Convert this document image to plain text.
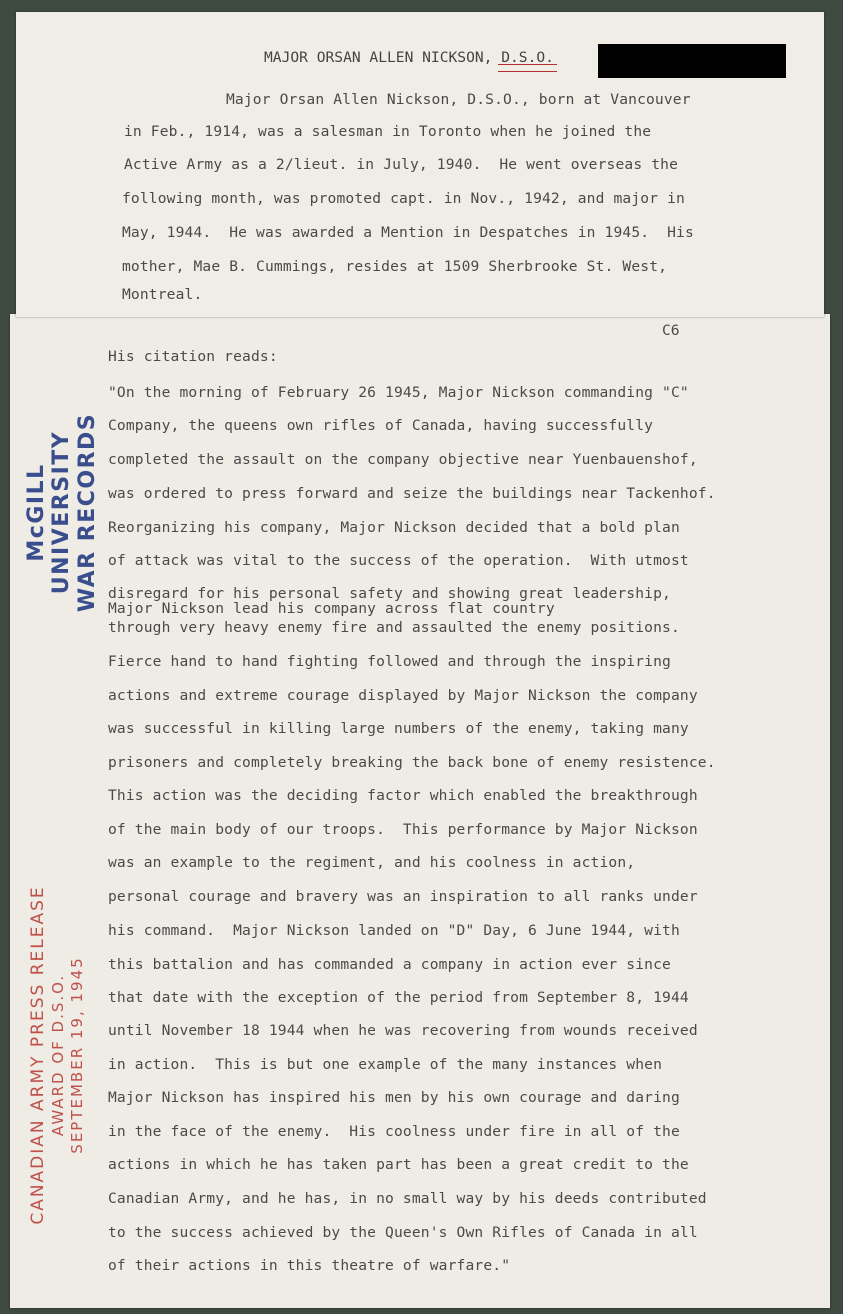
MAJOR ORSAN ALLEN NICKSON, D.S.O.
Major Orsan Allen Nickson, D.S.O., born at Vancouver
in Feb., 1914, was a salesman in Toronto when he joined the
Active Army as a 2/lieut. in July, 1940.  He went overseas the
following month, was promoted capt. in Nov., 1942, and major in
May, 1944.  He was awarded a Mention in Despatches in 1945.  His
mother, Mae B. Cummings, resides at 1509 Sherbrooke St. West,
Montreal.
C6
His citation reads:
"On the morning of February 26 1945, Major Nickson commanding "C"
Company, the queens own rifles of Canada, having successfully
completed the assault on the company objective near Yuenbauenshof,
was ordered to press forward and seize the buildings near Tackenhof.
Reorganizing his company, Major Nickson decided that a bold plan
of attack was vital to the success of the operation.  With utmost
disregard for his personal safety and showing great leadership,
Major Nickson lead his company across flat country
through very heavy enemy fire and assaulted the enemy positions.
Fierce hand to hand fighting followed and through the inspiring
actions and extreme courage displayed by Major Nickson the company
was successful in killing large numbers of the enemy, taking many
prisoners and completely breaking the back bone of enemy resistence.
This action was the deciding factor which enabled the breakthrough
of the main body of our troops.  This performance by Major Nickson
was an example to the regiment, and his coolness in action,
personal courage and bravery was an inspiration to all ranks under
his command.  Major Nickson landed on "D" Day, 6 June 1944, with
this battalion and has commanded a company in action ever since
that date with the exception of the period from September 8, 1944
until November 18 1944 when he was recovering from wounds received
in action.  This is but one example of the many instances when
Major Nickson has inspired his men by his own courage and daring
in the face of the enemy.  His coolness under fire in all of the
actions in which he has taken part has been a great credit to the
Canadian Army, and he has, in no small way by his deeds contributed
to the success achieved by the Queen's Own Rifles of Canada in all
of their actions in this theatre of warfare."
McGILL UNIVERSITY WAR RECORDS
CANADIAN ARMY PRESS RELEASE AWARD OF D.S.O. SEPTEMBER 19, 1945
